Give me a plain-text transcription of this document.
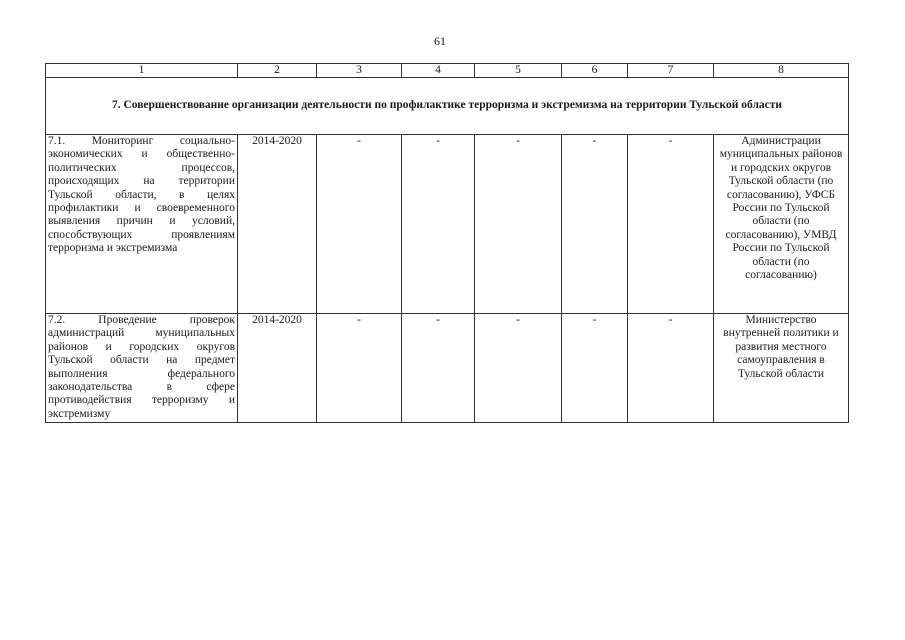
61
1	2	3	4	5	6	7	8
7. Совершенствование организации деятельности по профилактике терроризма и экстремизма на территории Тульской области							
7.1. Мониторинг социально-экономических и общественно-политических процессов, происходящих на территории Тульской области, в целях профилактики и своевременного выявления причин и условий, способствующих проявлениям терроризма и экстремизма	2014-2020	-	-	-	-	-	Администрации муниципальных районов и городских округов Тульской области (по согласованию), УФСБ России по Тульской области (по согласованию), УМВД России по Тульской области (по согласованию)
7.2. Проведение проверок администраций муниципальных районов и городских округов Тульской области на предмет выполнения федерального законодательства в сфере противодействия терроризму и экстремизму	2014-2020	-	-	-	-	-	Министерство внутренней политики и развития местного самоуправления в Тульской области
